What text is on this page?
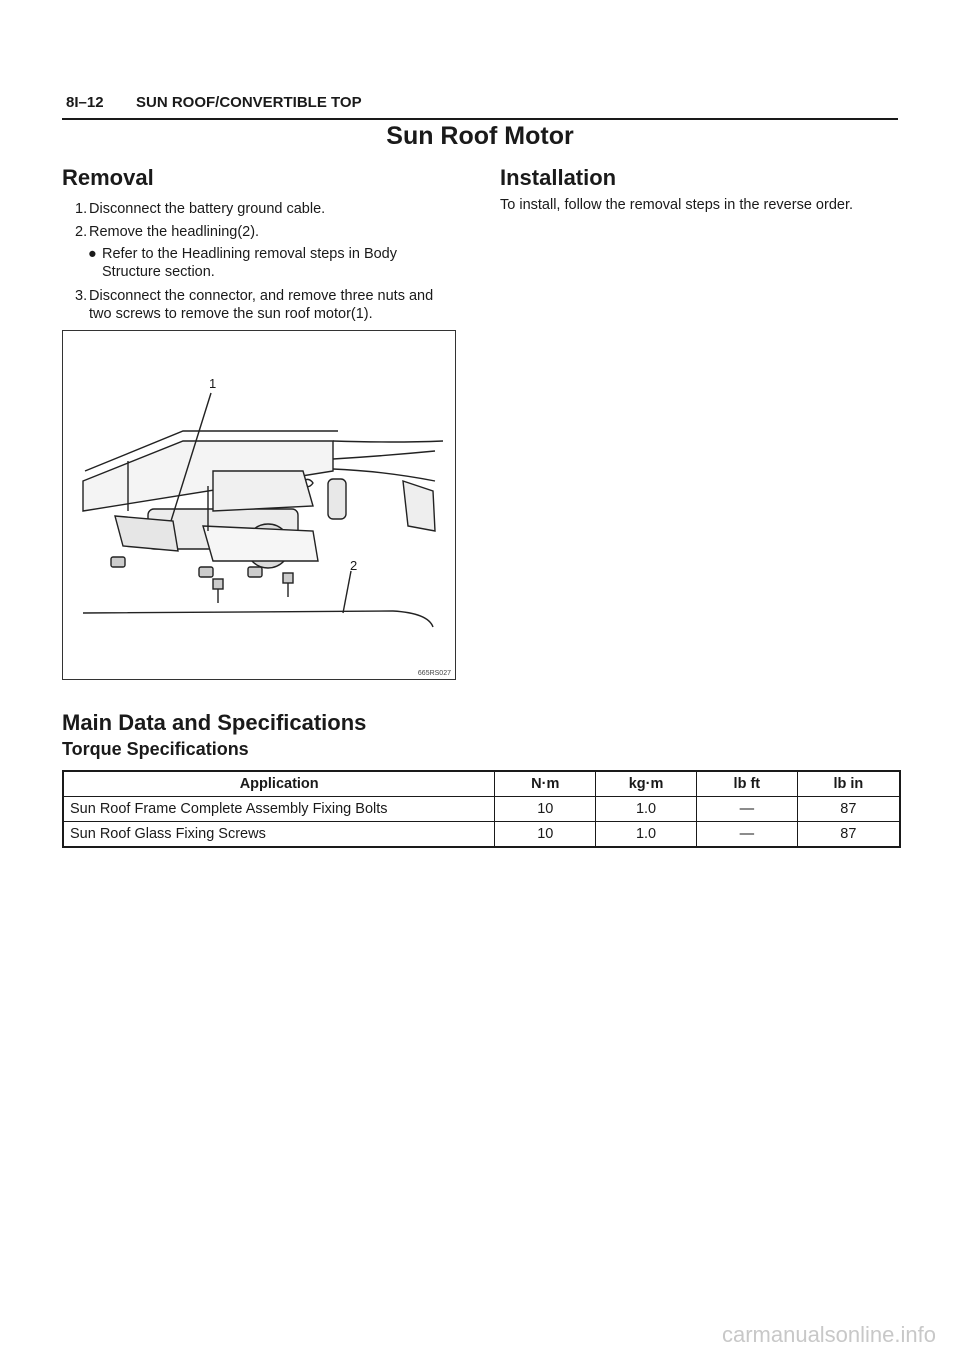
8I–12 SUN ROOF/CONVERTIBLE TOP
Sun Roof Motor
Removal
1. Disconnect the battery ground cable.
2. Remove the headlining(2).
● Refer to the Headlining removal steps in Body
Structure section.
3. Disconnect the connector, and remove three nuts and
two screws to remove the sun roof motor(1).
1
2
665RS027
Installation
To install, follow the removal steps in the reverse order.
Main Data and Specifications
Torque Specifications
Application	N·m	kg·m	lb ft	lb in
Sun Roof Frame Complete Assembly Fixing Bolts	10	1.0	—	87
Sun Roof Glass Fixing Screws	10	1.0	—	87
carmanualsonline.info
